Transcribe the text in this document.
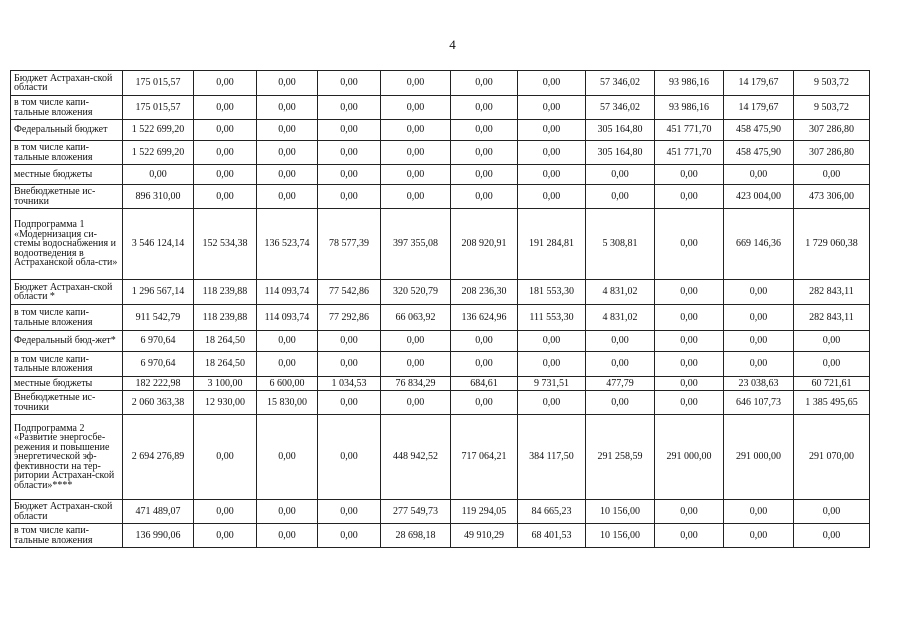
4
Бюджет Астрахан-ской области	175 015,57	0,00	0,00	0,00	0,00	0,00	0,00	57 346,02	93 986,16	14 179,67	9 503,72
в том числе капи-тальные вложения	175 015,57	0,00	0,00	0,00	0,00	0,00	0,00	57 346,02	93 986,16	14 179,67	9 503,72
Федеральный бюджет	1 522 699,20	0,00	0,00	0,00	0,00	0,00	0,00	305 164,80	451 771,70	458 475,90	307 286,80
в том числе капи-тальные вложения	1 522 699,20	0,00	0,00	0,00	0,00	0,00	0,00	305 164,80	451 771,70	458 475,90	307 286,80
местные бюджеты	0,00	0,00	0,00	0,00	0,00	0,00	0,00	0,00	0,00	0,00	0,00
Внебюджетные ис-точники	896 310,00	0,00	0,00	0,00	0,00	0,00	0,00	0,00	0,00	423 004,00	473 306,00
Подпрограмма 1 «Модернизация си-стемы водоснабжения и водоотведения в Астраханской обла-сти»	3 546 124,14	152 534,38	136 523,74	78 577,39	397 355,08	208 920,91	191 284,81	5 308,81	0,00	669 146,36	1 729 060,38
Бюджет Астрахан-ской области *	1 296 567,14	118 239,88	114 093,74	77 542,86	320 520,79	208 236,30	181 553,30	4 831,02	0,00	0,00	282 843,11
в том числе капи-тальные вложения	911 542,79	118 239,88	114 093,74	77 292,86	66 063,92	136 624,96	111 553,30	4 831,02	0,00	0,00	282 843,11
Федеральный бюд-жет*	6 970,64	18 264,50	0,00	0,00	0,00	0,00	0,00	0,00	0,00	0,00	0,00
в том числе капи-тальные вложения	6 970,64	18 264,50	0,00	0,00	0,00	0,00	0,00	0,00	0,00	0,00	0,00
местные бюджеты	182 222,98	3 100,00	6 600,00	1 034,53	76 834,29	684,61	9 731,51	477,79	0,00	23 038,63	60 721,61
Внебюджетные ис-точники	2 060 363,38	12 930,00	15 830,00	0,00	0,00	0,00	0,00	0,00	0,00	646 107,73	1 385 495,65
Подпрограмма 2 «Развитие энергосбе-режения и повышение энергетической эф-фективности на тер-ритории Астрахан-ской области»****	2 694 276,89	0,00	0,00	0,00	448 942,52	717 064,21	384 117,50	291 258,59	291 000,00	291 000,00	291 070,00
Бюджет Астрахан-ской области	471 489,07	0,00	0,00	0,00	277 549,73	119 294,05	84 665,23	10 156,00	0,00	0,00	0,00
в том числе капи-тальные вложения	136 990,06	0,00	0,00	0,00	28 698,18	49 910,29	68 401,53	10 156,00	0,00	0,00	0,00
